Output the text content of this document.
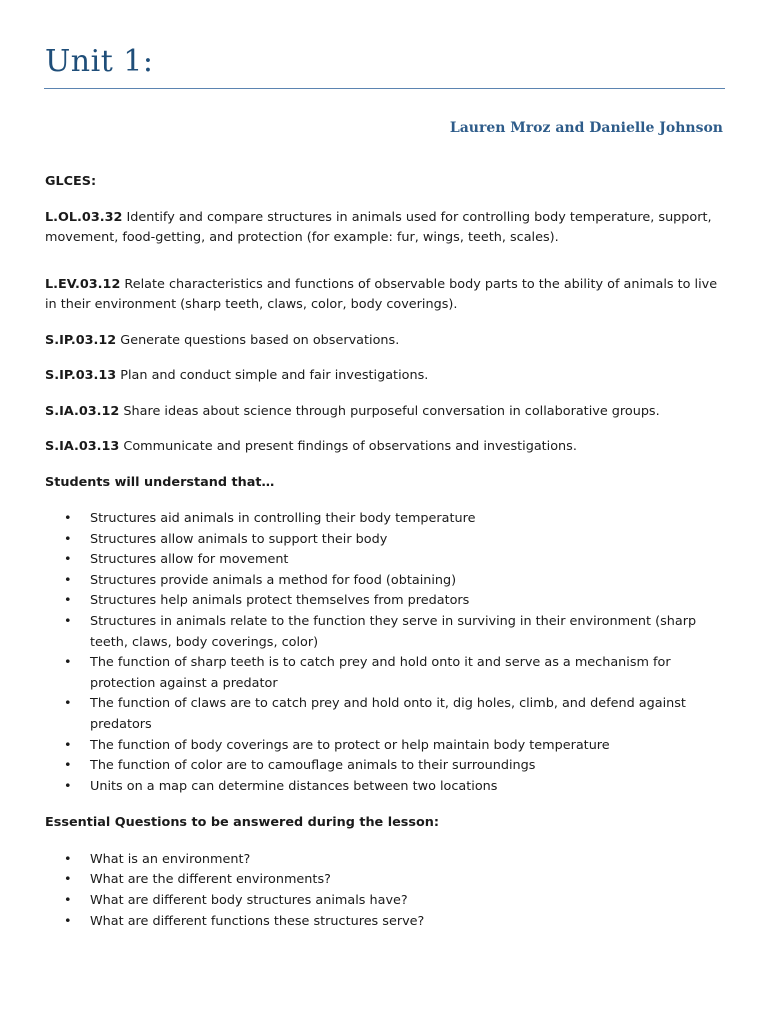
Unit 1:

Lauren Mroz and Danielle Johnson

GLCES:

L.OL.03.32 Identify and compare structures in animals used for controlling body temperature, support, movement, food-getting, and protection (for example: fur, wings, teeth, scales).

L.EV.03.12 Relate characteristics and functions of observable body parts to the ability of animals to live in their environment (sharp teeth, claws, color, body coverings).

S.IP.03.12 Generate questions based on observations.

S.IP.03.13 Plan and conduct simple and fair investigations.

S.IA.03.12 Share ideas about science through purposeful conversation in collaborative groups.

S.IA.03.13 Communicate and present findings of observations and investigations.

Students will understand that…

• Structures aid animals in controlling their body temperature
• Structures allow animals to support their body
• Structures allow for movement
• Structures provide animals a method for food (obtaining)
• Structures help animals protect themselves from predators
• Structures in animals relate to the function they serve in surviving in their environment (sharp teeth, claws, body coverings, color)
• The function of sharp teeth is to catch prey and hold onto it and serve as a mechanism for protection against a predator
• The function of claws are to catch prey and hold onto it, dig holes, climb, and defend against predators
• The function of body coverings are to protect or help maintain body temperature
• The function of color are to camouflage animals to their surroundings
• Units on a map can determine distances between two locations

Essential Questions to be answered during the lesson:

• What is an environment?
• What are the different environments?
• What are different body structures animals have?
• What are different functions these structures serve?
